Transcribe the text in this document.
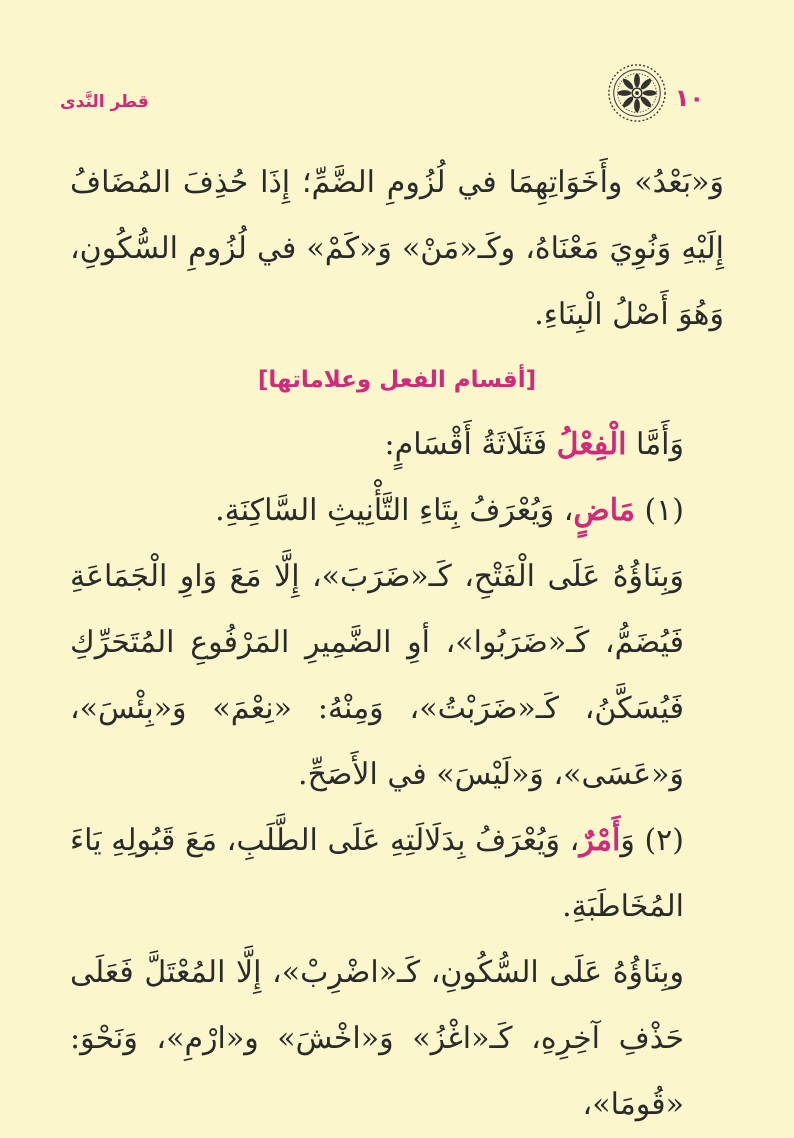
قطر النَّدى	١٠

وَ«بَعْدُ» وأَخَوَاتِهِمَا في لُزُومِ الضَّمِّ؛ إِذَا حُذِفَ المُضَافُ إِلَيْهِ وَنُوِيَ مَعْنَاهُ، وكَـ«مَنْ» وَ«كَمْ» في لُزُومِ السُّكُونِ، وَهُوَ أَصْلُ الْبِنَاءِ.

[أقسام الفعل وعلاماتها]

وَأَمَّا الْفِعْلُ فَثَلَاثَةُ أَقْسَامٍ:

(١) مَاضٍ، وَيُعْرَفُ بِتَاءِ التَّأْنِيثِ السَّاكِنَةِ.

وَبِنَاؤُهُ عَلَى الْفَتْحِ، كَـ«ضَرَبَ»، إِلَّا مَعَ وَاوِ الْجَمَاعَةِ فَيُضَمُّ، كَـ«ضَرَبُوا»، أوِ الضَّمِيرِ المَرْفُوعِ المُتَحَرِّكِ فَيُسَكَّنُ، كَـ«ضَرَبْتُ»، وَمِنْهُ: «نِعْمَ» وَ«بِئْسَ»، وَ«عَسَى»، وَ«لَيْسَ» في الأَصَحِّ.

(٢) وَأَمْرٌ، وَيُعْرَفُ بِدَلَالَتِهِ عَلَى الطَّلَبِ، مَعَ قَبُولِهِ يَاءَ المُخَاطَبَةِ.

وبِنَاؤُهُ عَلَى السُّكُونِ، كَـ«اضْرِبْ»، إِلَّا المُعْتَلَّ فَعَلَى حَذْفِ آخِرِهِ، كَـ«اغْزُ» وَ«اخْشَ» و«ارْمِ»، وَنَحْوَ: «قُومَا»،
